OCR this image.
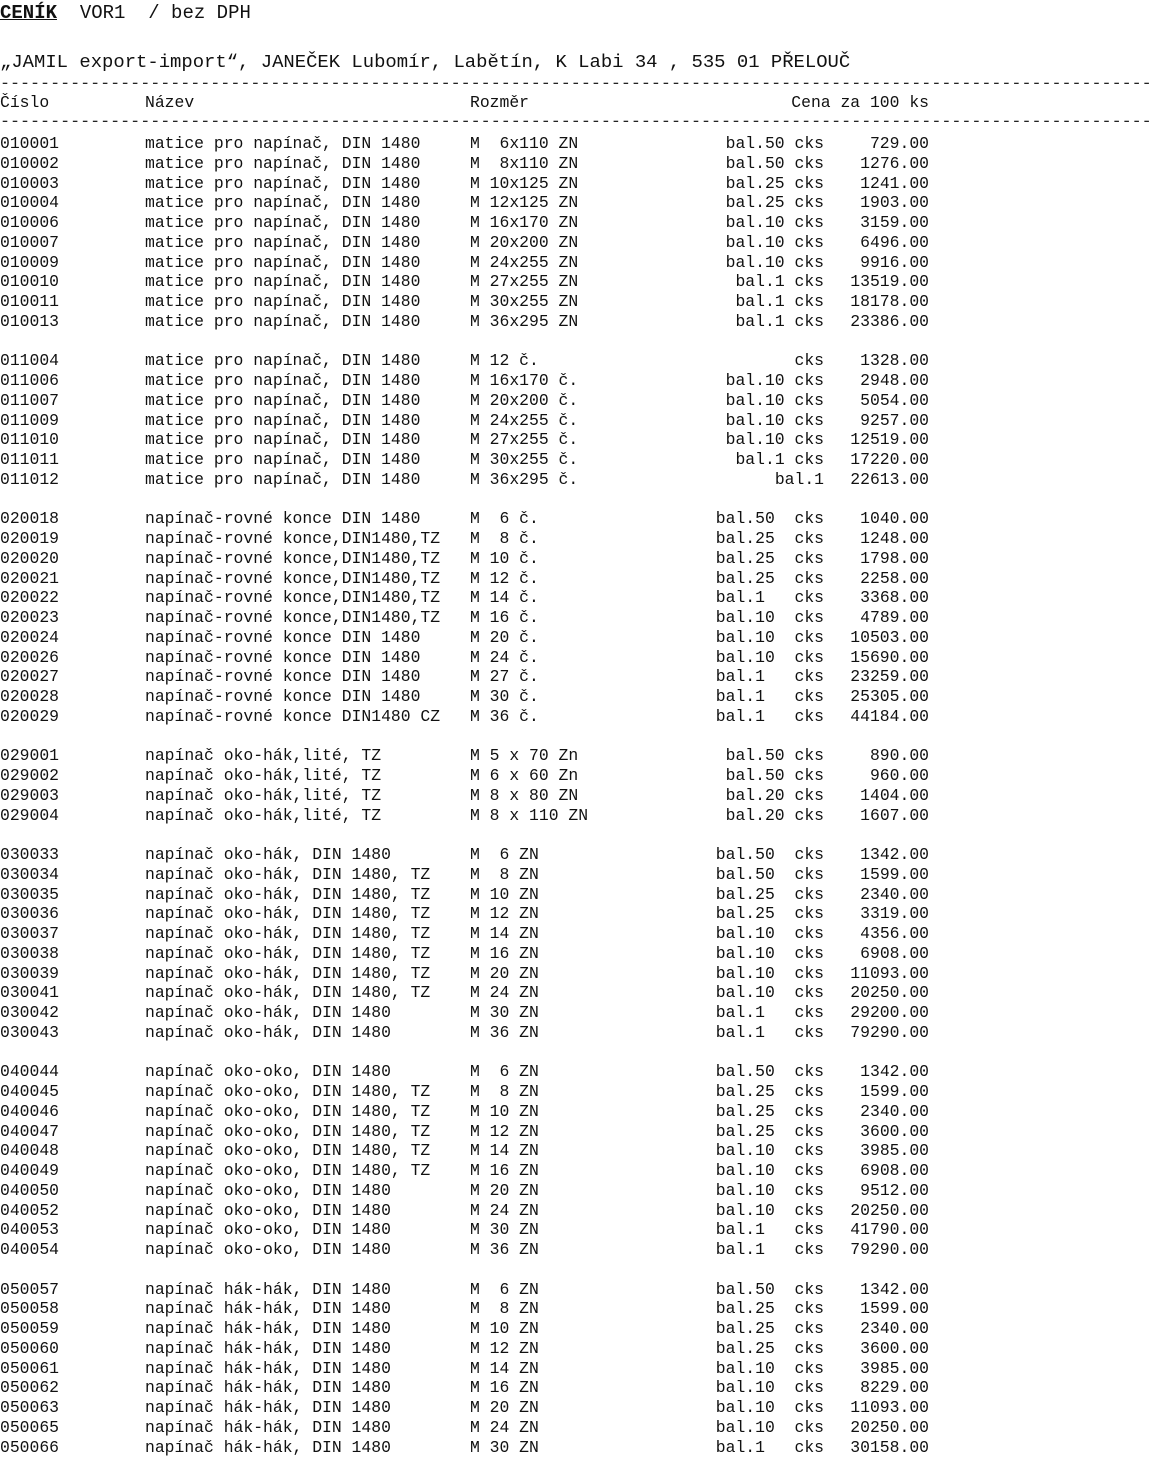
CENÍK VOR1 / bez DPH
„JAMIL export-import“, JANEČEK Lubomír, Labětín, K Labi 34 , 535 01 PŘELOUČ
-------------------------------------------------------------------------------------------------------------------
Číslo	Název	Rozměr	Cena za 100 ks
-------------------------------------------------------------------------------------------------------------------
010001	matice pro napínač, DIN 1480	M  6x110 ZN	bal.50 cks	729.00
010002	matice pro napínač, DIN 1480	M  8x110 ZN	bal.50 cks 1276.00
010003	matice pro napínač, DIN 1480	M 10x125 ZN	bal.25 cks 1241.00
010004	matice pro napínač, DIN 1480	M 12x125 ZN	bal.25 cks 1903.00
010006	matice pro napínač, DIN 1480	M 16x170 ZN	bal.10 cks 3159.00
010007	matice pro napínač, DIN 1480	M 20x200 ZN	bal.10 cks 6496.00
010009	matice pro napínač, DIN 1480	M 24x255 ZN	bal.10 cks 9916.00
010010	matice pro napínač, DIN 1480	M 27x255 ZN	bal.1 cks 13519.00
010011	matice pro napínač, DIN 1480	M 30x255 ZN	bal.1 cks 18178.00
010013	matice pro napínač, DIN 1480	M 36x295 ZN	bal.1 cks 23386.00
011004	matice pro napínač, DIN 1480	M 12 č.	cks 1328.00
011006	matice pro napínač, DIN 1480	M 16x170 č.	bal.10 cks 2948.00
011007	matice pro napínač, DIN 1480	M 20x200 č.	bal.10 cks 5054.00
011009	matice pro napínač, DIN 1480	M 24x255 č.	bal.10 cks 9257.00
011010	matice pro napínač, DIN 1480	M 27x255 č.	bal.10 cks 12519.00
011011	matice pro napínač, DIN 1480	M 30x255 č.	bal.1 cks 17220.00
011012	matice pro napínač, DIN 1480	M 36x295 č.	bal.1 22613.00
020018	napínač-rovné konce DIN 1480	M  6 č.	bal.50  cks 1040.00
020019	napínač-rovné konce,DIN1480,TZ M  8 č.	bal.25  cks 1248.00
020020	napínač-rovné konce,DIN1480,TZ M 10 č.	bal.25  cks 1798.00
020021	napínač-rovné konce,DIN1480,TZ M 12 č.	bal.25  cks 2258.00
020022	napínač-rovné konce,DIN1480,TZ M 14 č.	bal.1   cks 3368.00
020023	napínač-rovné konce,DIN1480,TZ M 16 č.	bal.10  cks 4789.00
020024	napínač-rovné konce DIN 1480	M 20 č.	bal.10  cks 10503.00
020026	napínač-rovné konce DIN 1480	M 24 č.	bal.10  cks 15690.00
020027	napínač-rovné konce DIN 1480	M 27 č.	bal.1   cks 23259.00
020028	napínač-rovné konce DIN 1480	M 30 č.	bal.1   cks 25305.00
020029	napínač-rovné konce DIN1480 CZ M 36 č.	bal.1   cks 44184.00
029001	napínač oko-hák,lité, TZ	M 5 x 70 Zn	bal.50 cks	890.00
029002	napínač oko-hák,lité, TZ	M 6 x 60 Zn	bal.50 cks	960.00
029003	napínač oko-hák,lité, TZ	M 8 x 80 ZN	bal.20 cks 1404.00
029004	napínač oko-hák,lité, TZ	M 8 x 110 ZN	bal.20 cks 1607.00
030033	napínač oko-hák, DIN 1480	M  6 ZN	bal.50  cks 1342.00
030034	napínač oko-hák, DIN 1480, TZ M  8 ZN	bal.50  cks 1599.00
030035	napínač oko-hák, DIN 1480, TZ M 10 ZN	bal.25  cks 2340.00
030036	napínač oko-hák, DIN 1480, TZ M 12 ZN	bal.25  cks 3319.00
030037	napínač oko-hák, DIN 1480, TZ M 14 ZN	bal.10  cks 4356.00
030038	napínač oko-hák, DIN 1480, TZ M 16 ZN	bal.10  cks 6908.00
030039	napínač oko-hák, DIN 1480, TZ M 20 ZN	bal.10  cks 11093.00
030041	napínač oko-hák, DIN 1480, TZ M 24 ZN	bal.10  cks 20250.00
030042	napínač oko-hák, DIN 1480	M 30 ZN	bal.1   cks 29200.00
030043	napínač oko-hák, DIN 1480	M 36 ZN	bal.1   cks 79290.00
040044	napínač oko-oko, DIN 1480	M  6 ZN	bal.50  cks 1342.00
040045	napínač oko-oko, DIN 1480, TZ M  8 ZN	bal.25  cks 1599.00
040046	napínač oko-oko, DIN 1480, TZ M 10 ZN	bal.25  cks 2340.00
040047	napínač oko-oko, DIN 1480, TZ M 12 ZN	bal.25  cks 3600.00
040048	napínač oko-oko, DIN 1480, TZ M 14 ZN	bal.10  cks 3985.00
040049	napínač oko-oko, DIN 1480, TZ M 16 ZN	bal.10  cks 6908.00
040050	napínač oko-oko, DIN 1480	M 20 ZN	bal.10  cks 9512.00
040052	napínač oko-oko, DIN 1480	M 24 ZN	bal.10  cks 20250.00
040053	napínač oko-oko, DIN 1480	M 30 ZN	bal.1   cks 41790.00
040054	napínač oko-oko, DIN 1480	M 36 ZN	bal.1   cks 79290.00
050057	napínač hák-hák, DIN 1480	M  6 ZN	bal.50  cks 1342.00
050058	napínač hák-hák, DIN 1480	M  8 ZN	bal.25  cks 1599.00
050059	napínač hák-hák, DIN 1480	M 10 ZN	bal.25  cks 2340.00
050060	napínač hák-hák, DIN 1480	M 12 ZN	bal.25  cks 3600.00
050061	napínač hák-hák, DIN 1480	M 14 ZN	bal.10  cks 3985.00
050062	napínač hák-hák, DIN 1480	M 16 ZN	bal.10  cks 8229.00
050063	napínač hák-hák, DIN 1480	M 20 ZN	bal.10  cks 11093.00
050065	napínač hák-hák, DIN 1480	M 24 ZN	bal.10  cks 20250.00
050066	napínač hák-hák, DIN 1480	M 30 ZN	bal.1   cks 30158.00
